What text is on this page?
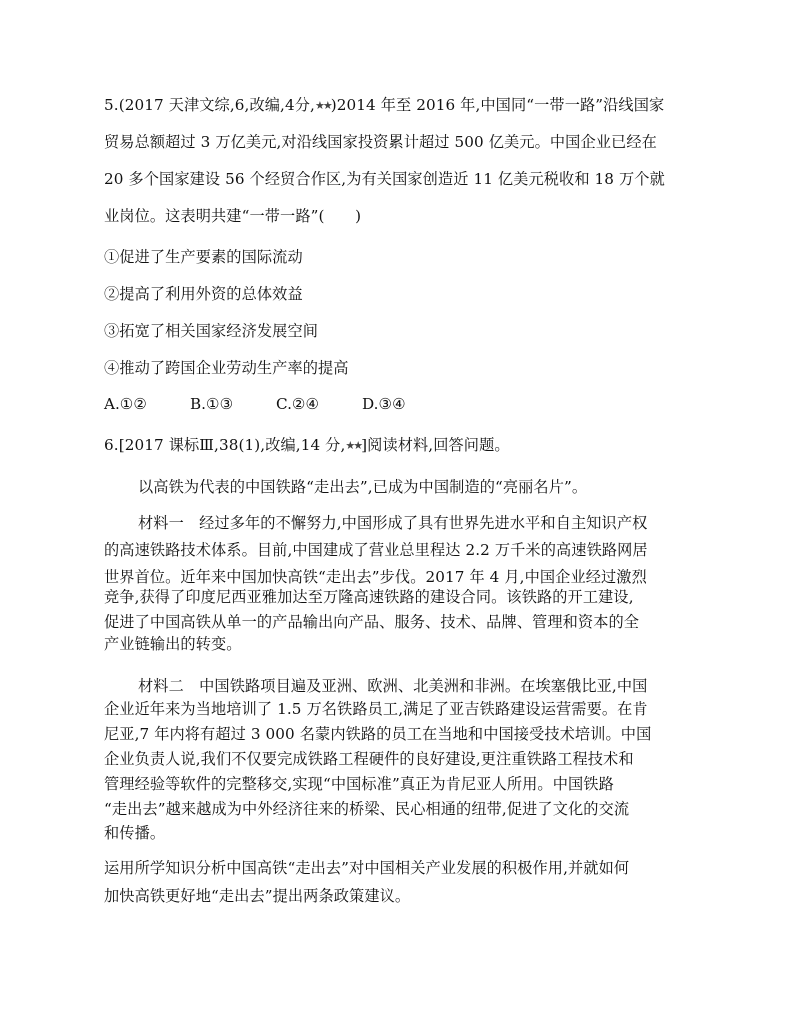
5.(2017 天津文综,6,改编,4分,★★)2014 年至 2016 年,中国同“一带一路”沿线国家
贸易总额超过 3 万亿美元,对沿线国家投资累计超过 500 亿美元。中国企业已经在
20 多个国家建设 56 个经贸合作区,为有关国家创造近 11 亿美元税收和 18 万个就
业岗位。这表明共建“一带一路”(　　)
①促进了生产要素的国际流动
②提高了利用外资的总体效益
③拓宽了相关国家经济发展空间
④推动了跨国企业劳动生产率的提高
A.①②	B.①③	C.②④	D.③④
6.[2017 课标Ⅲ,38(1),改编,14 分,★★]阅读材料,回答问题。
以高铁为代表的中国铁路“走出去”,已成为中国制造的“亮丽名片”。
材料一　经过多年的不懈努力,中国形成了具有世界先进水平和自主知识产权
的高速铁路技术体系。目前,中国建成了营业总里程达 2.2 万千米的高速铁路网居
世界首位。近年来中国加快高铁“走出去”步伐。2017 年 4 月,中国企业经过激烈
竞争,获得了印度尼西亚雅加达至万隆高速铁路的建设合同。该铁路的开工建设,
促进了中国高铁从单一的产品输出向产品、服务、技术、品牌、管理和资本的全
产业链输出的转变。
材料二　中国铁路项目遍及亚洲、欧洲、北美洲和非洲。在埃塞俄比亚,中国
企业近年来为当地培训了 1.5 万名铁路员工,满足了亚吉铁路建设运营需要。在肯
尼亚,7 年内将有超过 3 000 名蒙内铁路的员工在当地和中国接受技术培训。中国
企业负责人说,我们不仅要完成铁路工程硬件的良好建设,更注重铁路工程技术和
管理经验等软件的完整移交,实现“中国标准”真正为肯尼亚人所用。中国铁路
“走出去”越来越成为中外经济往来的桥梁、民心相通的纽带,促进了文化的交流
和传播。
运用所学知识分析中国高铁“走出去”对中国相关产业发展的积极作用,并就如何
加快高铁更好地“走出去”提出两条政策建议。
